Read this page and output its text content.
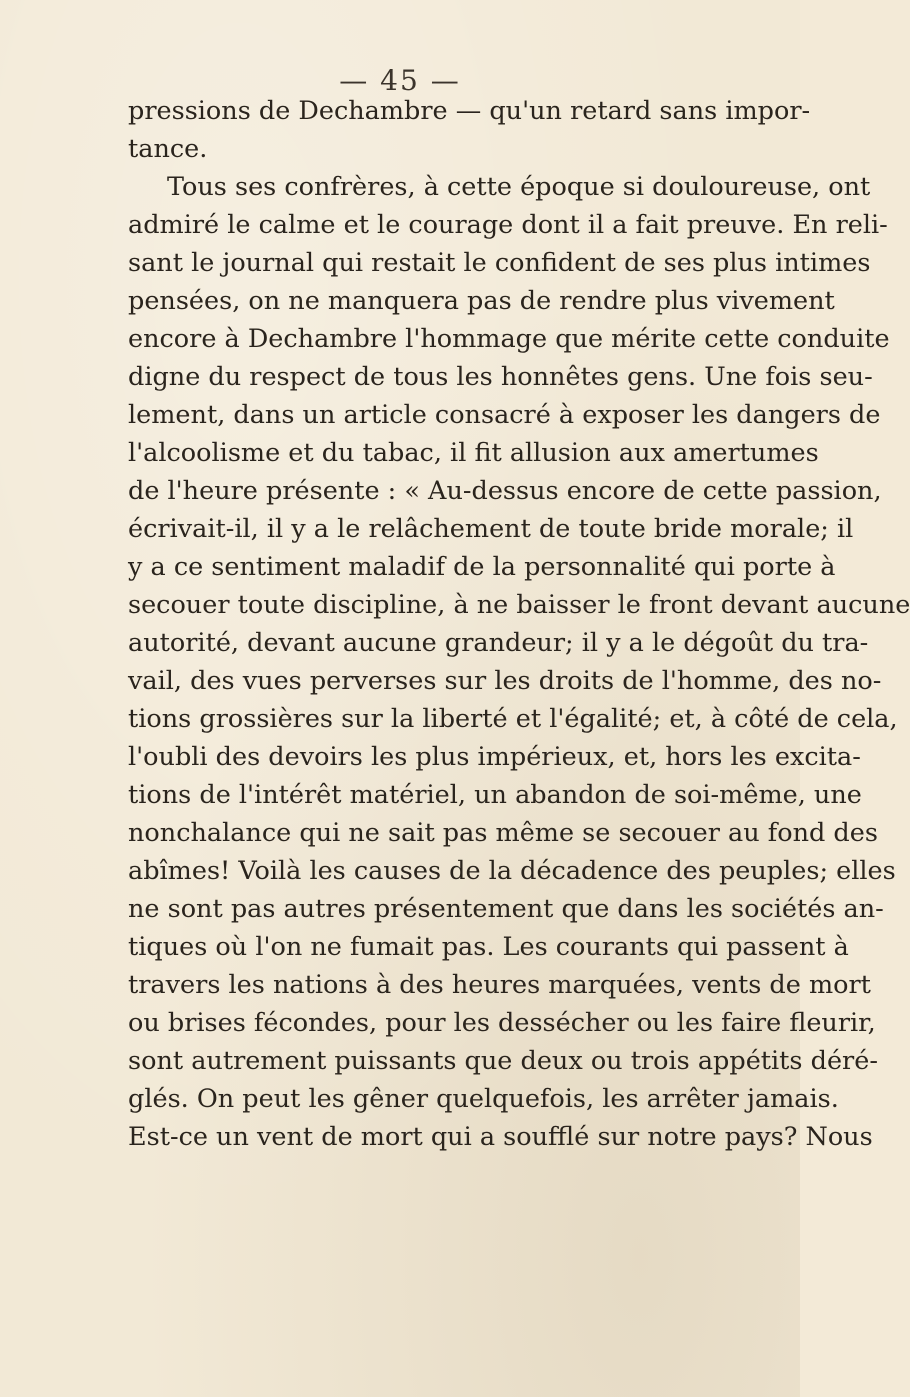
— 45 —
pressions de Dechambre — qu'un retard sans impor-
tance.
Tous ses confrères, à cette époque si douloureuse, ont
admiré le calme et le courage dont il a fait preuve. En reli-
sant le journal qui restait le confident de ses plus intimes
pensées, on ne manquera pas de rendre plus vivement
encore à Dechambre l'hommage que mérite cette conduite
digne du respect de tous les honnêtes gens. Une fois seu-
lement, dans un article consacré à exposer les dangers de
l'alcoolisme et du tabac, il fit allusion aux amertumes
de l'heure présente : « Au-dessus encore de cette passion,
écrivait-il, il y a le relâchement de toute bride morale; il
y a ce sentiment maladif de la personnalité qui porte à
secouer toute discipline, à ne baisser le front devant aucune
autorité, devant aucune grandeur; il y a le dégoût du tra-
vail, des vues perverses sur les droits de l'homme, des no-
tions grossières sur la liberté et l'égalité; et, à côté de cela,
l'oubli des devoirs les plus impérieux, et, hors les excita-
tions de l'intérêt matériel, un abandon de soi-même, une
nonchalance qui ne sait pas même se secouer au fond des
abîmes! Voilà les causes de la décadence des peuples; elles
ne sont pas autres présentement que dans les sociétés an-
tiques où l'on ne fumait pas. Les courants qui passent à
travers les nations à des heures marquées, vents de mort
ou brises fécondes, pour les dessécher ou les faire fleurir,
sont autrement puissants que deux ou trois appétits déré-
glés. On peut les gêner quelquefois, les arrêter jamais.
Est-ce un vent de mort qui a soufflé sur notre pays? Nous
